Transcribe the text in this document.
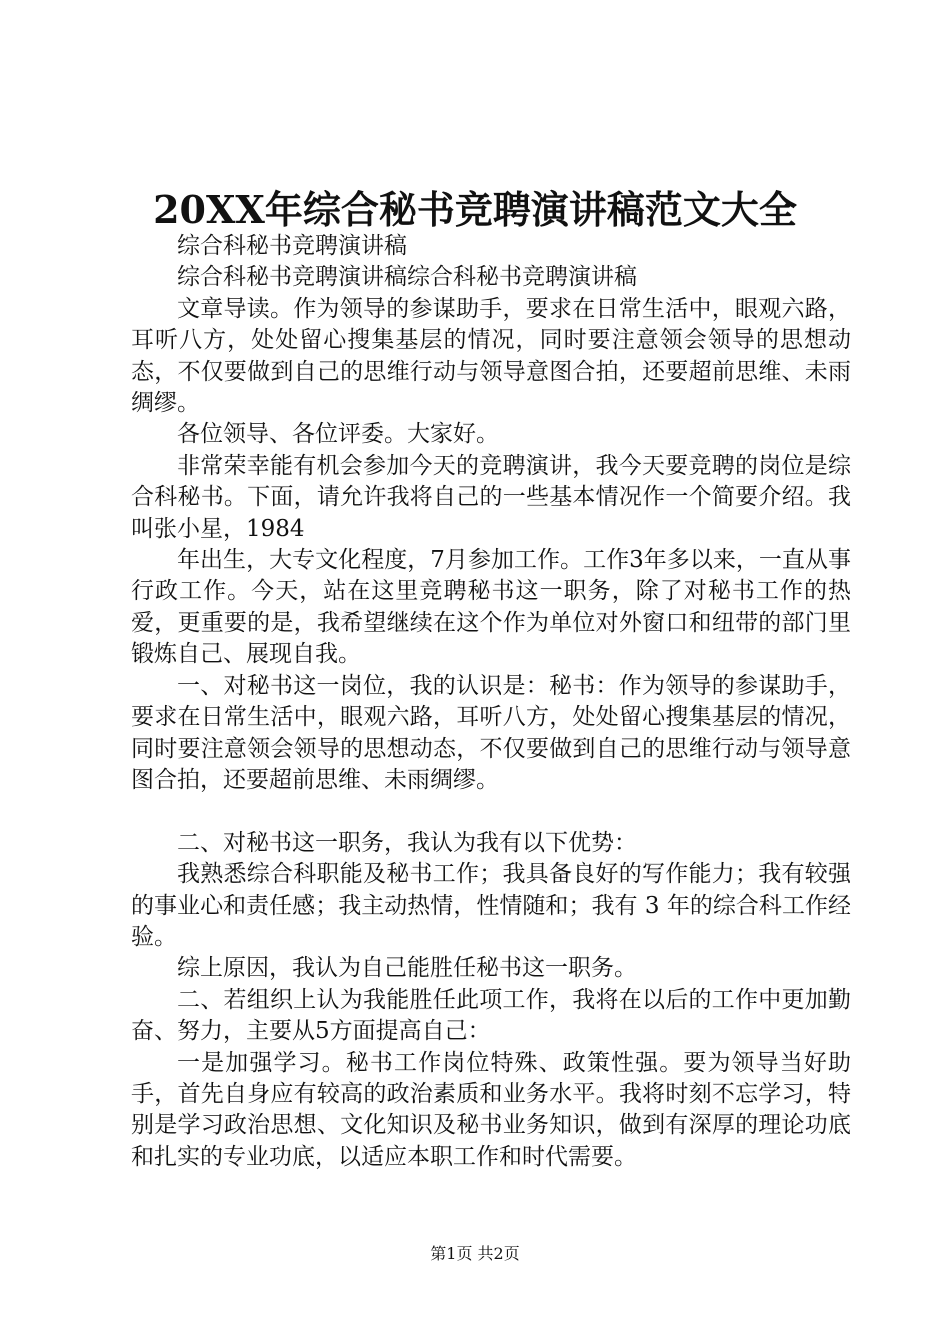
20XX年综合秘书竞聘演讲稿范文大全

综合科秘书竞聘演讲稿

综合科秘书竞聘演讲稿综合科秘书竞聘演讲稿

文章导读。作为领导的参谋助手，要求在日常生活中，眼观六路，耳听八方，处处留心搜集基层的情况，同时要注意领会领导的思想动态，不仅要做到自己的思维行动与领导意图合拍，还要超前思维、未雨绸缪。

各位领导、各位评委。大家好。

非常荣幸能有机会参加今天的竞聘演讲，我今天要竞聘的岗位是综合科秘书。下面，请允许我将自己的一些基本情况作一个简要介绍。我叫张小星，1984

年出生，大专文化程度，7月参加工作。工作3年多以来，一直从事行政工作。今天，站在这里竞聘秘书这一职务，除了对秘书工作的热爱，更重要的是，我希望继续在这个作为单位对外窗口和纽带的部门里锻炼自己、展现自我。

一、对秘书这一岗位，我的认识是：秘书：作为领导的参谋助手，要求在日常生活中，眼观六路，耳听八方，处处留心搜集基层的情况，同时要注意领会领导的思想动态，不仅要做到自己的思维行动与领导意图合拍，还要超前思维、未雨绸缪。

二、对秘书这一职务，我认为我有以下优势：

我熟悉综合科职能及秘书工作；我具备良好的写作能力；我有较强的事业心和责任感；我主动热情，性情随和；我有 3 年的综合科工作经验。

综上原因，我认为自己能胜任秘书这一职务。

二、若组织上认为我能胜任此项工作，我将在以后的工作中更加勤奋、努力，主要从5方面提高自己：

一是加强学习。秘书工作岗位特殊、政策性强。要为领导当好助手，首先自身应有较高的政治素质和业务水平。我将时刻不忘学习，特别是学习政治思想、文化知识及秘书业务知识，做到有深厚的理论功底和扎实的专业功底，以适应本职工作和时代需要。

第1页 共2页
